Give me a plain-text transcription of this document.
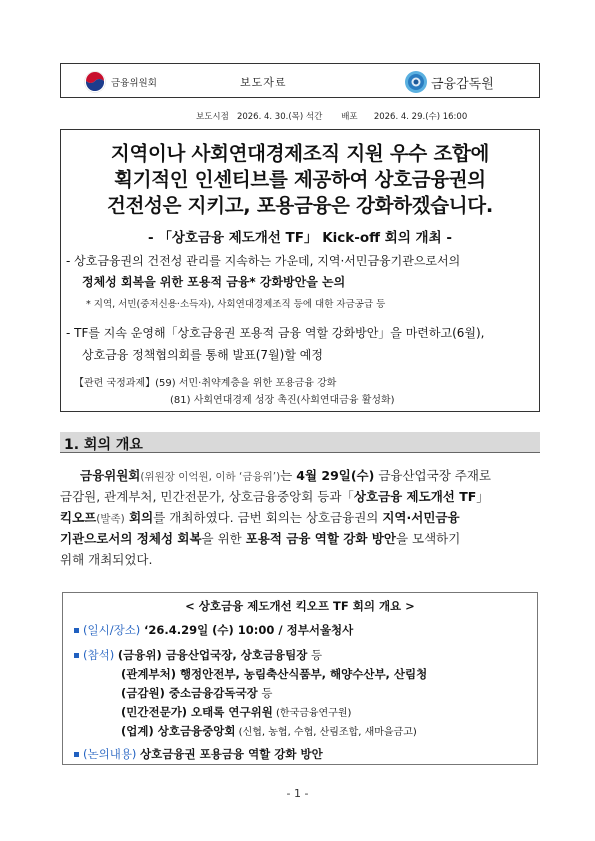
금융위원회	보도자료	금융감독원
보도시점   2026. 4. 30.(목) 석간       배포      2026. 4. 29.(수) 16:00
지역이나 사회연대경제조직 지원 우수 조합에
획기적인 인센티브를 제공하여 상호금융권의
건전성은 지키고, 포용금융은 강화하겠습니다.
- 「상호금융 제도개선 TF」 Kick-off 회의 개최 -
- 상호금융권의 건전성 관리를 지속하는 가운데, 지역·서민금융기관으로서의
정체성 회복을 위한 포용적 금융* 강화방안을 논의
* 지역, 서민(중저신용·소득자), 사회연대경제조직 등에 대한 자금공급 등
- TF를 지속 운영해「상호금융권 포용적 금융 역할 강화방안」을 마련하고(6월),
상호금융 정책협의회를 통해 발표(7월)할 예정
【관련 국정과제】(59) 서민·취약계층을 위한 포용금융 강화
(81) 사회연대경제 성장 촉진(사회연대금융 활성화)
1. 회의 개요
금융위원회(위원장 이억원, 이하 ‘금융위’)는 4월 29일(수) 금융산업국장 주재로
금감원, 관계부처, 민간전문가, 상호금융중앙회 등과「상호금융 제도개선 TF」
킥오프(발족) 회의를 개최하였다. 금번 회의는 상호금융권의 지역·서민금융
기관으로서의 정체성 회복을 위한 포용적 금융 역할 강화 방안을 모색하기
위해 개최되었다.
< 상호금융 제도개선 킥오프 TF 회의 개요 >
(일시/장소) ‘26.4.29일 (수) 10:00 / 정부서울청사
(참석) (금융위) 금융산업국장, 상호금융팀장 등
(관계부처) 행정안전부, 농림축산식품부, 해양수산부, 산림청
(금감원) 중소금융감독국장 등
(민간전문가) 오태록 연구위원 (한국금융연구원)
(업계) 상호금융중앙회 (신협, 농협, 수협, 산림조합, 새마을금고)
(논의내용) 상호금융권 포용금융 역할 강화 방안
- 1 -
